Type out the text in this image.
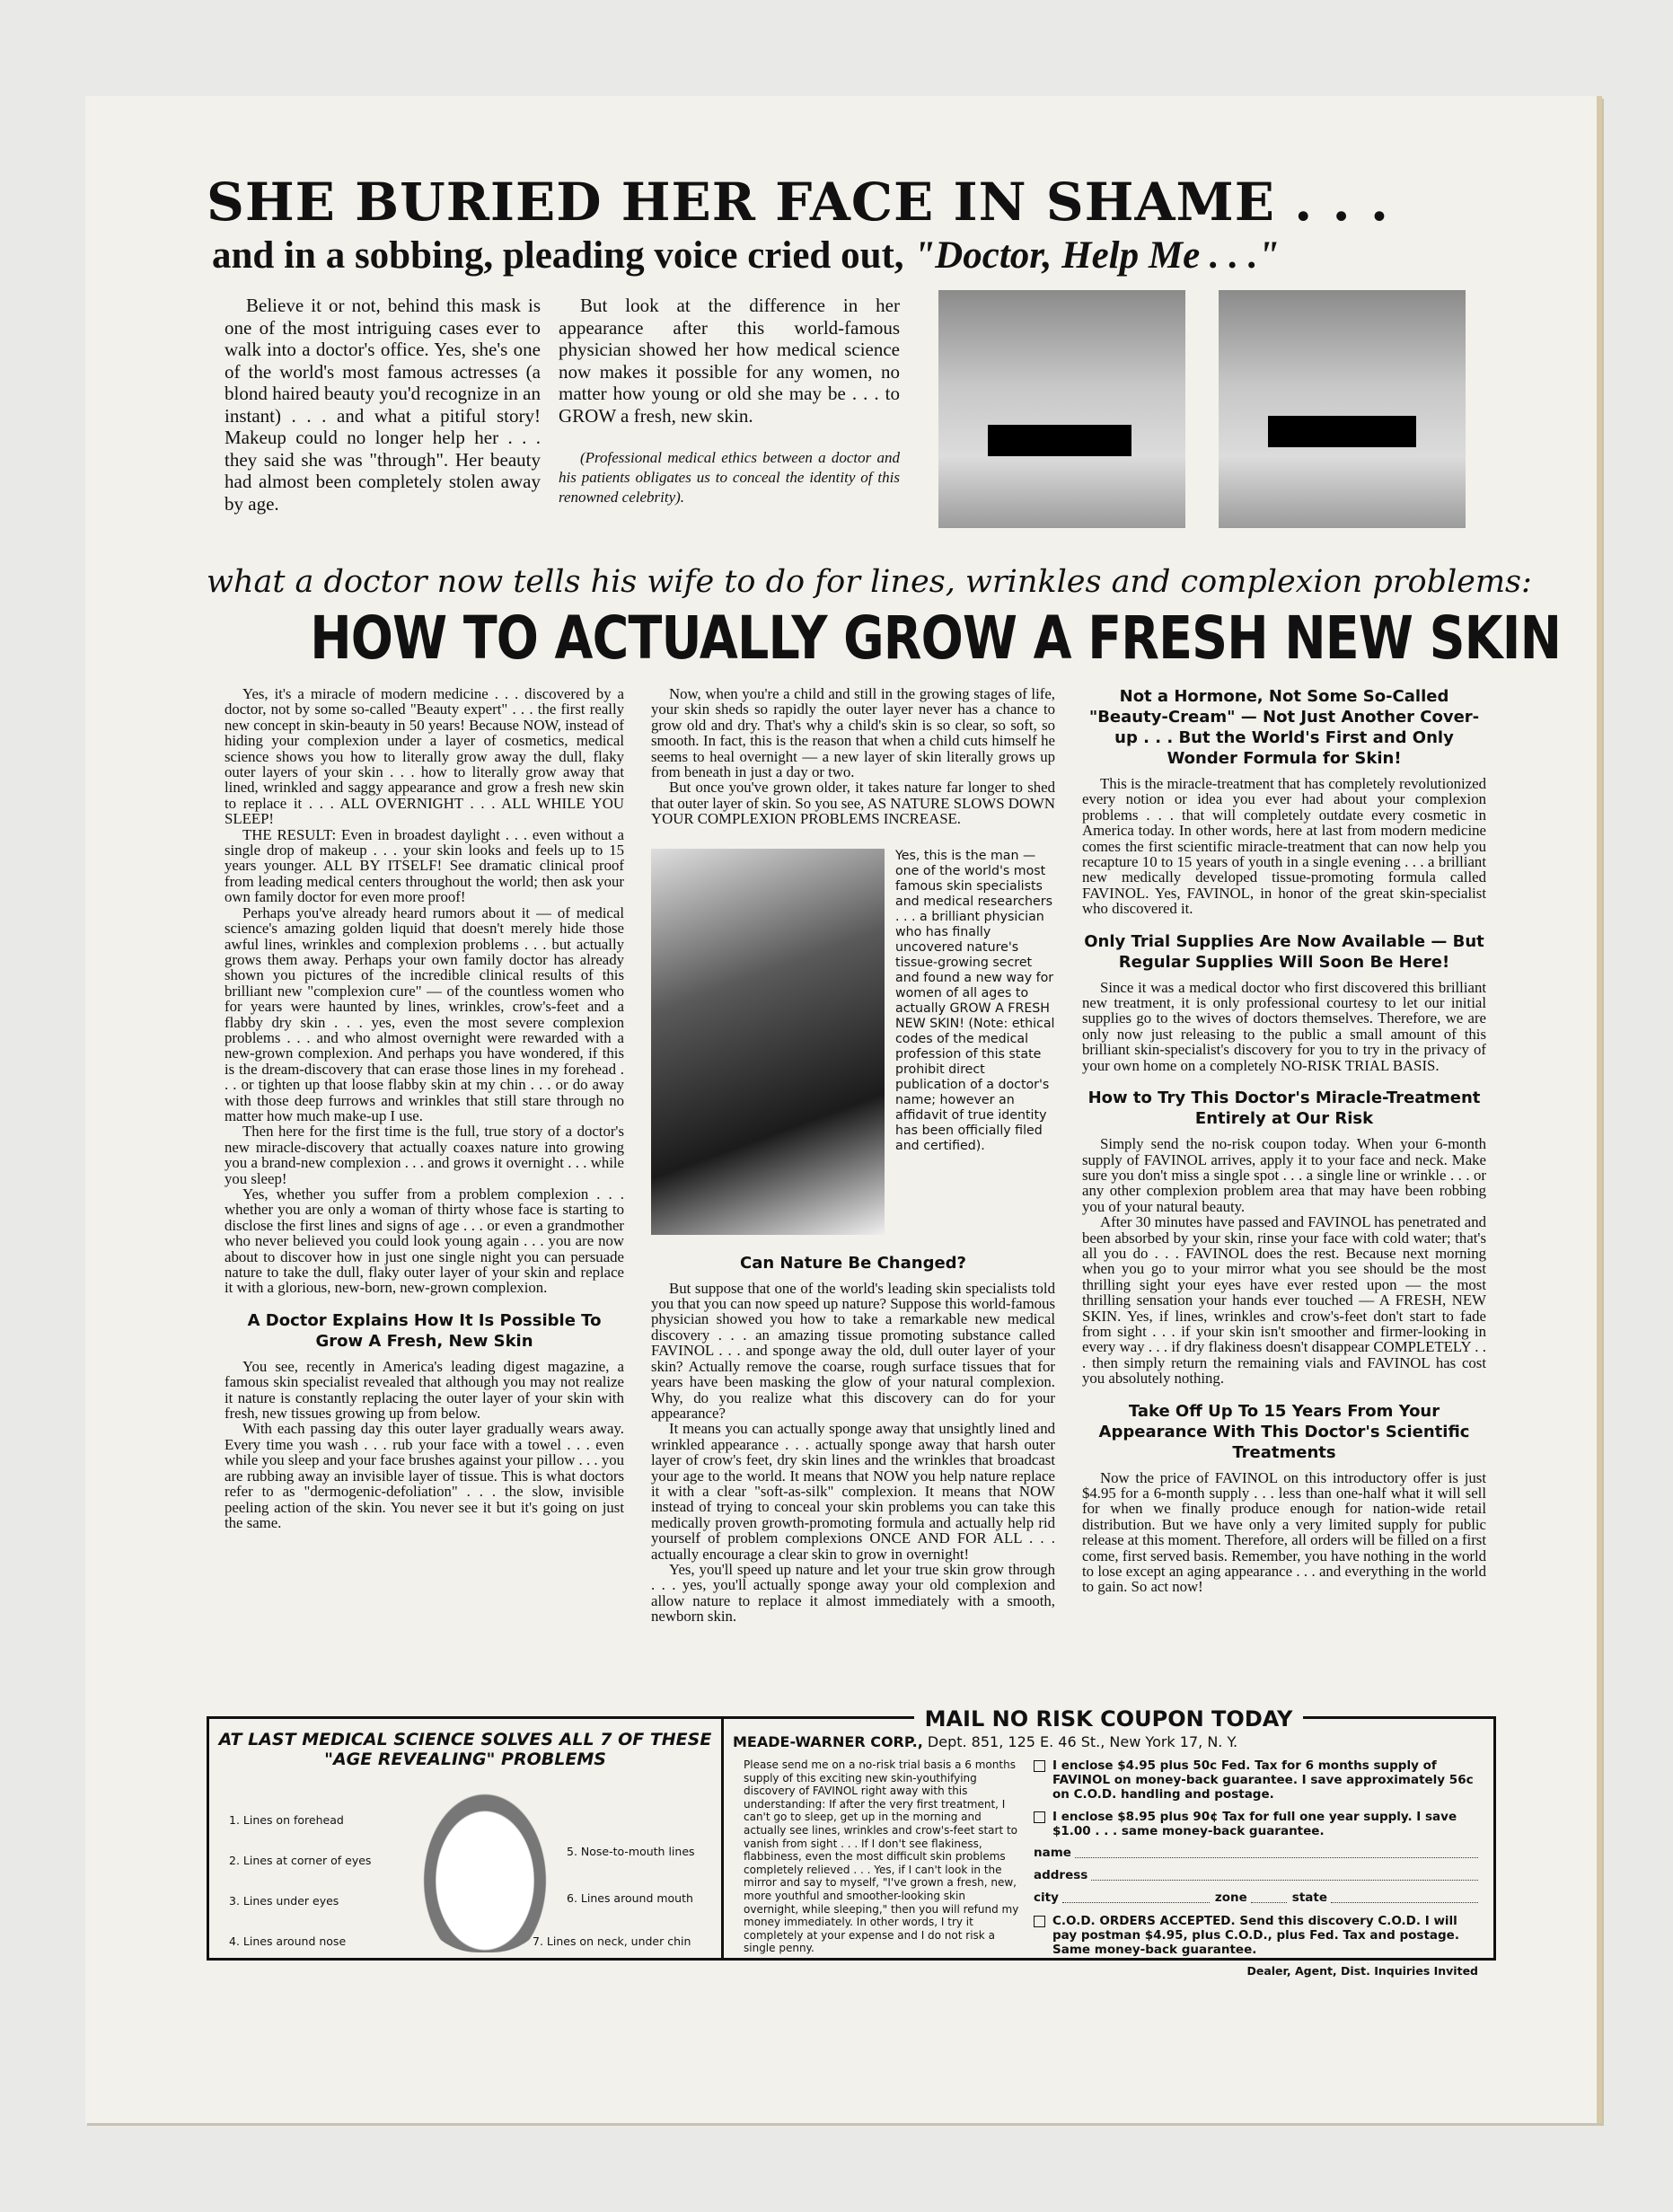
SHE BURIED HER FACE IN SHAME . . .
and in a sobbing, pleading voice cried out, "Doctor, Help Me . . ."
Believe it or not, behind this mask is one of the most intriguing cases ever to walk into a doctor's office. Yes, she's one of the world's most famous actresses (a blond haired beauty you'd recognize in an instant) . . . and what a pitiful story! Makeup could no longer help her . . . they said she was "through". Her beauty had almost been completely stolen away by age.

But look at the difference in her appearance after this world-famous physician showed her how medical science now makes it possible for any women, no matter how young or old she may be . . . to GROW a fresh, new skin.

(Professional medical ethics between a doctor and his patients obligates us to conceal the identity of this renowned celebrity).

what a doctor now tells his wife to do for lines, wrinkles and complexion problems:
HOW TO ACTUALLY GROW A FRESH NEW SKIN

Yes, it's a miracle of modern medicine . . . discovered by a doctor, not by some so-called "Beauty expert" . . . the first really new concept in skin-beauty in 50 years! Because NOW, instead of hiding your complexion under a layer of cosmetics, medical science shows you how to literally grow away the dull, flaky outer layers of your skin . . . how to literally grow away that lined, wrinkled and saggy appearance and grow a fresh new skin to replace it . . . ALL OVERNIGHT . . . ALL WHILE YOU SLEEP!

THE RESULT: Even in broadest daylight . . . even without a single drop of makeup . . . your skin looks and feels up to 15 years younger. ALL BY ITSELF! See dramatic clinical proof from leading medical centers throughout the world; then ask your own family doctor for even more proof!

Perhaps you've already heard rumors about it — of medical science's amazing golden liquid that doesn't merely hide those awful lines, wrinkles and complexion problems . . . but actually grows them away. Perhaps your own family doctor has already shown you pictures of the incredible clinical results of this brilliant new "complexion cure" — of the countless women who for years were haunted by lines, wrinkles, crow's-feet and a flabby dry skin . . . yes, even the most severe complexion problems . . . and who almost overnight were rewarded with a new-grown complexion. And perhaps you have wondered, if this is the dream-discovery that can erase those lines in my forehead . . . or tighten up that loose flabby skin at my chin . . . or do away with those deep furrows and wrinkles that still stare through no matter how much make-up I use.

Then here for the first time is the full, true story of a doctor's new miracle-discovery that actually coaxes nature into growing you a brand-new complexion . . . and grows it overnight . . . while you sleep!

Yes, whether you suffer from a problem complexion . . . whether you are only a woman of thirty whose face is starting to disclose the first lines and signs of age . . . or even a grandmother who never believed you could look young again . . . you are now about to discover how in just one single night you can persuade nature to take the dull, flaky outer layer of your skin and replace it with a glorious, new-born, new-grown complexion.

A Doctor Explains How It Is Possible To Grow A Fresh, New Skin

You see, recently in America's leading digest magazine, a famous skin specialist revealed that although you may not realize it nature is constantly replacing the outer layer of your skin with fresh, new tissues growing up from below.

With each passing day this outer layer gradually wears away. Every time you wash . . . rub your face with a towel . . . even while you sleep and your face brushes against your pillow . . . you are rubbing away an invisible layer of tissue. This is what doctors refer to as "dermogenic-defoliation" . . . the slow, invisible peeling action of the skin. You never see it but it's going on just the same.

Now, when you're a child and still in the growing stages of life, your skin sheds so rapidly the outer layer never has a chance to grow old and dry. That's why a child's skin is so clear, so soft, so smooth. In fact, this is the reason that when a child cuts himself he seems to heal overnight — a new layer of skin literally grows up from beneath in just a day or two.

But once you've grown older, it takes nature far longer to shed that outer layer of skin. So you see, AS NATURE SLOWS DOWN YOUR COMPLEXION PROBLEMS INCREASE.

Yes, this is the man —one of the world's most famous skin specialists and medical researchers . . . a brilliant physician who has finally uncovered nature's tissue-growing secret and found a new way for women of all ages to actually GROW A FRESH NEW SKIN! (Note: ethical codes of the medical profession of this state prohibit direct publication of a doctor's name; however an affidavit of true identity has been officially filed and certified).
Can Nature Be Changed?

But suppose that one of the world's leading skin specialists told you that you can now speed up nature? Suppose this world-famous physician showed you how to take a remarkable new medical discovery . . . an amazing tissue promoting substance called FAVINOL . . . and sponge away the old, dull outer layer of your skin? Actually remove the coarse, rough surface tissues that for years have been masking the glow of your natural complexion. Why, do you realize what this discovery can do for your appearance?

It means you can actually sponge away that unsightly lined and wrinkled appearance . . . actually sponge away that harsh outer layer of crow's feet, dry skin lines and the wrinkles that broadcast your age to the world. It means that NOW you help nature replace it with a clear "soft-as-silk" complexion. It means that NOW instead of trying to conceal your skin problems you can take this medically proven growth-promoting formula and actually help rid yourself of problem complexions ONCE AND FOR ALL . . . actually encourage a clear skin to grow in overnight!

Yes, you'll speed up nature and let your true skin grow through . . . yes, you'll actually sponge away your old complexion and allow nature to replace it almost immediately with a smooth, newborn skin.

Not a Hormone, Not Some So-Called "Beauty-Cream" — Not Just Another Cover-up . . . But the World's First and Only Wonder Formula for Skin!

This is the miracle-treatment that has completely revolutionized every notion or idea you ever had about your complexion problems . . . that will completely outdate every cosmetic in America today. In other words, here at last from modern medicine comes the first scientific miracle-treatment that can now help you recapture 10 to 15 years of youth in a single evening . . . a brilliant new medically developed tissue-promoting formula called FAVINOL. Yes, FAVINOL, in honor of the great skin-specialist who discovered it.

Only Trial Supplies Are Now Available — But Regular Supplies Will Soon Be Here!

Since it was a medical doctor who first discovered this brilliant new treatment, it is only professional courtesy to let our initial supplies go to the wives of doctors themselves. Therefore, we are only now just releasing to the public a small amount of this brilliant skin-specialist's discovery for you to try in the privacy of your own home on a completely NO-RISK TRIAL BASIS.

How to Try This Doctor's Miracle-Treatment Entirely at Our Risk

Simply send the no-risk coupon today. When your 6-month supply of FAVINOL arrives, apply it to your face and neck. Make sure you don't miss a single spot . . . a single line or wrinkle . . . or any other complexion problem area that may have been robbing you of your natural beauty.

After 30 minutes have passed and FAVINOL has penetrated and been absorbed by your skin, rinse your face with cold water; that's all you do . . . FAVINOL does the rest. Because next morning when you go to your mirror what you see should be the most thrilling sight your eyes have ever rested upon — the most thrilling sensation your hands ever touched — A FRESH, NEW SKIN. Yes, if lines, wrinkles and crow's-feet don't start to fade from sight . . . if your skin isn't smoother and firmer-looking in every way . . . if dry flakiness doesn't disappear COMPLETELY . . . then simply return the remaining vials and FAVINOL has cost you absolutely nothing.

Take Off Up To 15 Years From Your Appearance With This Doctor's Scientific Treatments

Now the price of FAVINOL on this introductory offer is just $4.95 for a 6-month supply . . . less than one-half what it will sell for when we finally produce enough for nation-wide retail distribution. But we have only a very limited supply for public release at this moment. Therefore, all orders will be filled on a first come, first served basis. Remember, you have nothing in the world to lose except an aging appearance . . . and everything in the world to gain. So act now!

AT LAST MEDICAL SCIENCE SOLVES ALL 7 OF THESE "AGE REVEALING" PROBLEMS
1. Lines on forehead
2. Lines at corner of eyes
3. Lines under eyes
4. Lines around nose
5. Nose-to-mouth lines
6. Lines around mouth
7. Lines on neck, under chin
MAIL NO RISK COUPON TODAY
MEADE-WARNER CORP., Dept. 851, 125 E. 46 St., New York 17, N. Y.
Please send me on a no-risk trial basis a 6 months supply of this exciting new skin-youthifying discovery of FAVINOL right away with this understanding: If after the very first treatment, I can't go to sleep, get up in the morning and actually see lines, wrinkles and crow's-feet start to vanish from sight . . . If I don't see flakiness, flabbiness, even the most difficult skin problems completely relieved . . . Yes, if I can't look in the mirror and say to myself, "I've grown a fresh, new, more youthful and smoother-looking skin overnight, while sleeping," then you will refund my money immediately. In other words, I try it completely at your expense and I do not risk a single penny.
I enclose $4.95 plus 50c Fed. Tax for 6 months supply of FAVINOL on money-back guarantee. I save approximately 56c on C.O.D. handling and postage.
I enclose $8.95 plus 90¢ Tax for full one year supply. I save $1.00 . . . same money-back guarantee.
name
address
city	zone	state
C.O.D. ORDERS ACCEPTED. Send this discovery C.O.D. I will pay postman $4.95, plus C.O.D., plus Fed. Tax and postage. Same money-back guarantee.
Dealer, Agent, Dist. Inquiries Invited
